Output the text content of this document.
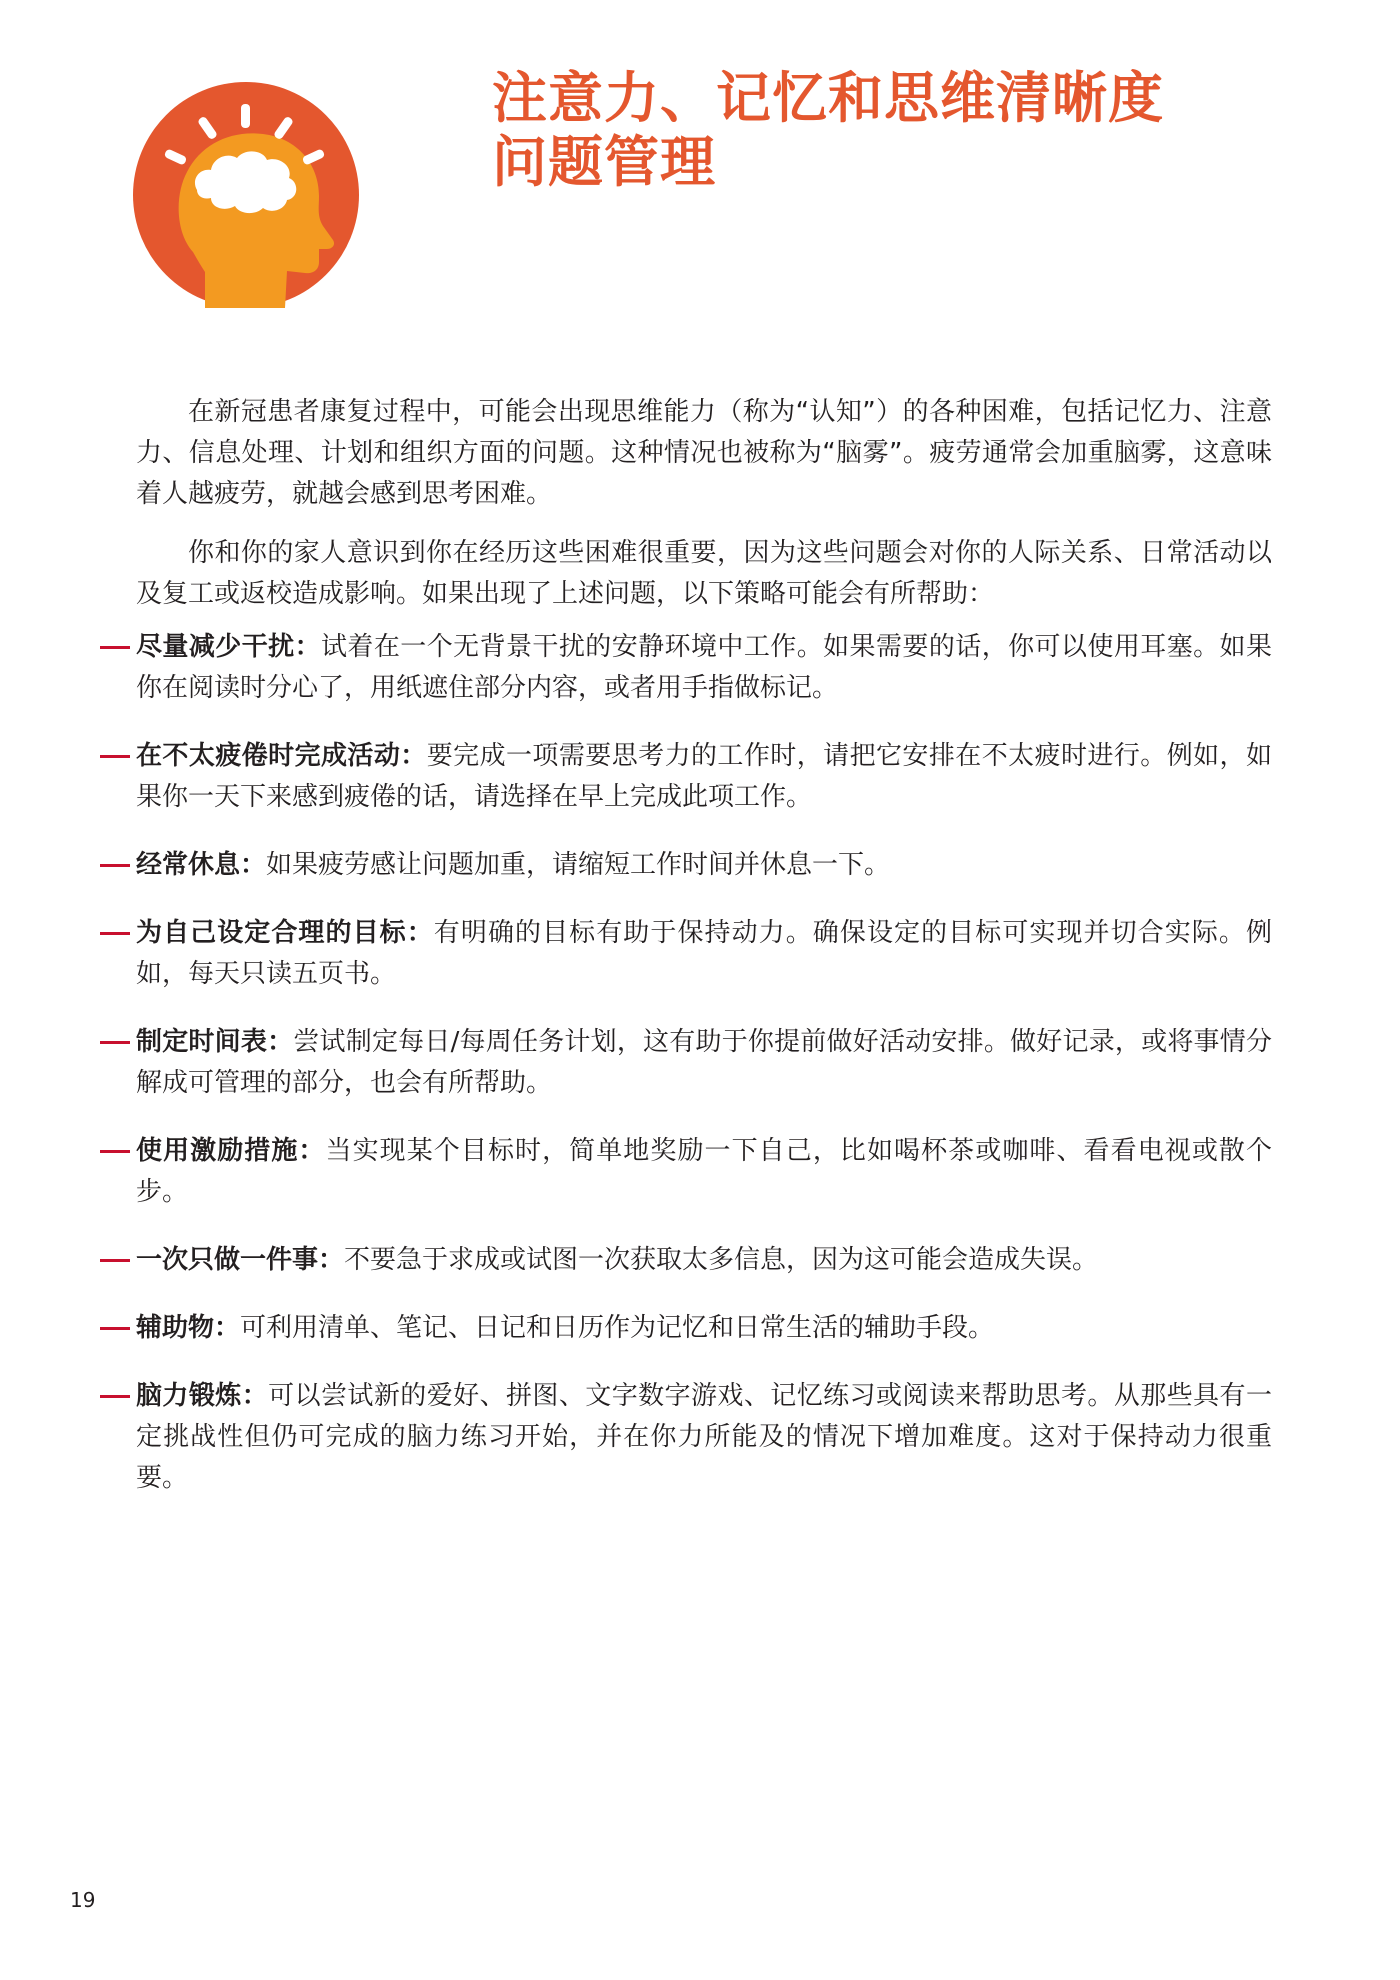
注意力、记忆和思维清晰度
问题管理

在新冠患者康复过程中，可能会出现思维能力（称为“认知”）的各种困难，包括记忆力、注意力、信息处理、计划和组织方面的问题。这种情况也被称为“脑雾”。疲劳通常会加重脑雾，这意味着人越疲劳，就越会感到思考困难。

你和你的家人意识到你在经历这些困难很重要，因为这些问题会对你的人际关系、日常活动以及复工或返校造成影响。如果出现了上述问题，以下策略可能会有所帮助：

尽量减少干扰：试着在一个无背景干扰的安静环境中工作。如果需要的话，你可以使用耳塞。如果你在阅读时分心了，用纸遮住部分内容，或者用手指做标记。
在不太疲倦时完成活动：要完成一项需要思考力的工作时，请把它安排在不太疲时进行。例如，如果你一天下来感到疲倦的话，请选择在早上完成此项工作。
经常休息：如果疲劳感让问题加重，请缩短工作时间并休息一下。
为自己设定合理的目标：有明确的目标有助于保持动力。确保设定的目标可实现并切合实际。例如，每天只读五页书。
制定时间表：尝试制定每日/每周任务计划，这有助于你提前做好活动安排。做好记录，或将事情分解成可管理的部分，也会有所帮助。
使用激励措施：当实现某个目标时，简单地奖励一下自己，比如喝杯茶或咖啡、看看电视或散个步。
一次只做一件事：不要急于求成或试图一次获取太多信息，因为这可能会造成失误。
辅助物：可利用清单、笔记、日记和日历作为记忆和日常生活的辅助手段。
脑力锻炼：可以尝试新的爱好、拼图、文字数字游戏、记忆练习或阅读来帮助思考。从那些具有一定挑战性但仍可完成的脑力练习开始，并在你力所能及的情况下增加难度。这对于保持动力很重要。
19
